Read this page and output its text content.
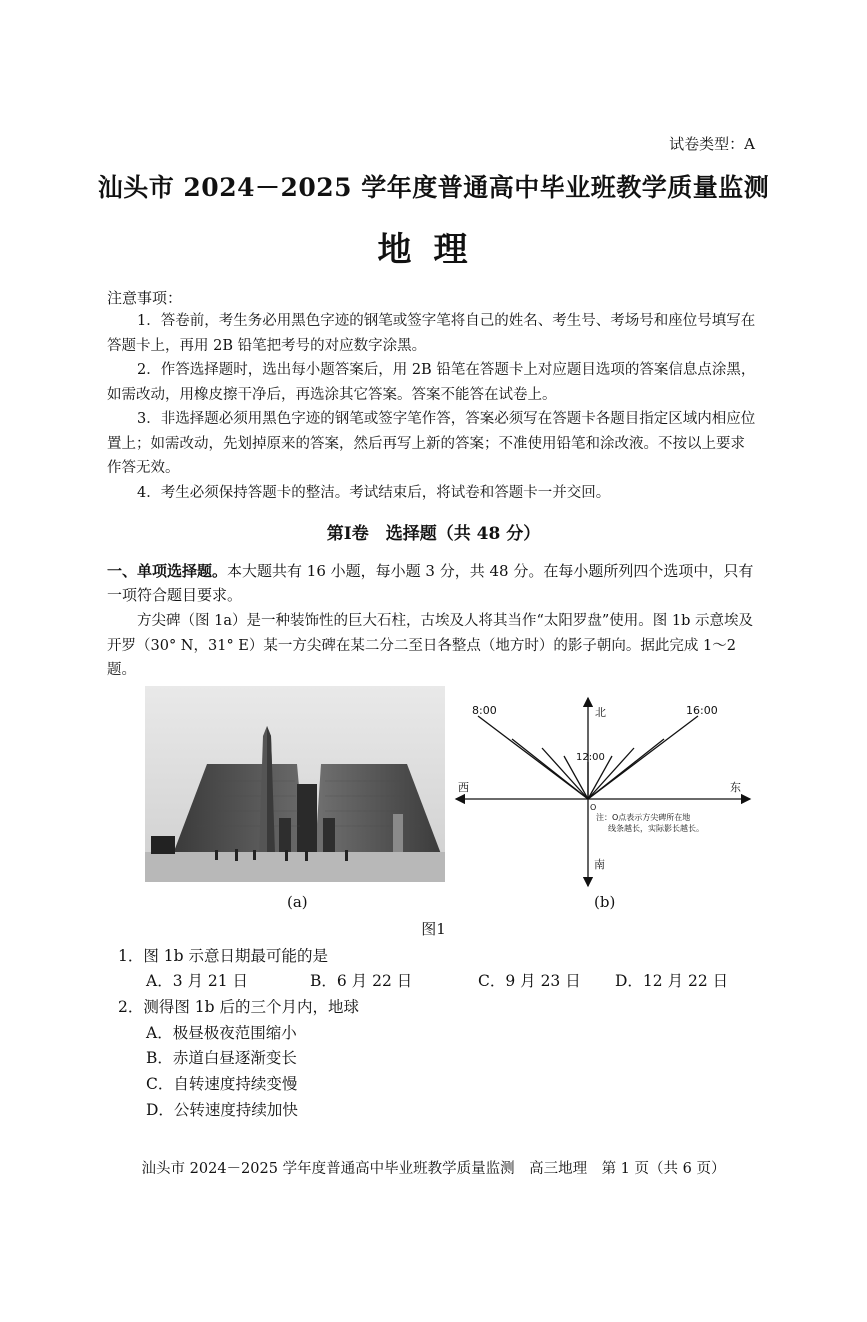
试卷类型：A
汕头市 2024－2025 学年度普通高中毕业班教学质量监测
地理
注意事项：
1．答卷前，考生务必用黑色字迹的钢笔或签字笔将自己的姓名、考生号、考场号和座位号填写在答题卡上，再用 2B 铅笔把考号的对应数字涂黑。
2．作答选择题时，选出每小题答案后，用 2B 铅笔在答题卡上对应题目选项的答案信息点涂黑，如需改动，用橡皮擦干净后，再选涂其它答案。答案不能答在试卷上。
3．非选择题必须用黑色字迹的钢笔或签字笔作答，答案必须写在答题卡各题目指定区域内相应位置上；如需改动，先划掉原来的答案，然后再写上新的答案；不准使用铅笔和涂改液。不按以上要求作答无效。
4．考生必须保持答题卡的整洁。考试结束后，将试卷和答题卡一并交回。
第Ⅰ卷　选择题（共 48 分）
一、单项选择题。本大题共有 16 小题，每小题 3 分，共 48 分。在每小题所列四个选项中，只有一项符合题目要求。
方尖碑（图 1a）是一种装饰性的巨大石柱，古埃及人将其当作“太阳罗盘”使用。图 1b 示意埃及开罗（30° N，31° E）某一方尖碑在某二分二至日各整点（地方时）的影子朝向。据此完成 1～2 题。
(a)
8:00	16:00
12:00
北
南
西	东
O
注：O点表示方尖碑所在地
线条越长，实际影长越长。
(b)
图1
1．图 1b 示意日期最可能的是
A．3 月 21 日	B．6 月 22 日	C．9 月 23 日 D．12 月 22 日
2．测得图 1b 后的三个月内，地球
A．极昼极夜范围缩小
B．赤道白昼逐渐变长
C．自转速度持续变慢
D．公转速度持续加快
汕头市 2024－2025 学年度普通高中毕业班教学质量监测　高三地理　第 1 页（共 6 页）
